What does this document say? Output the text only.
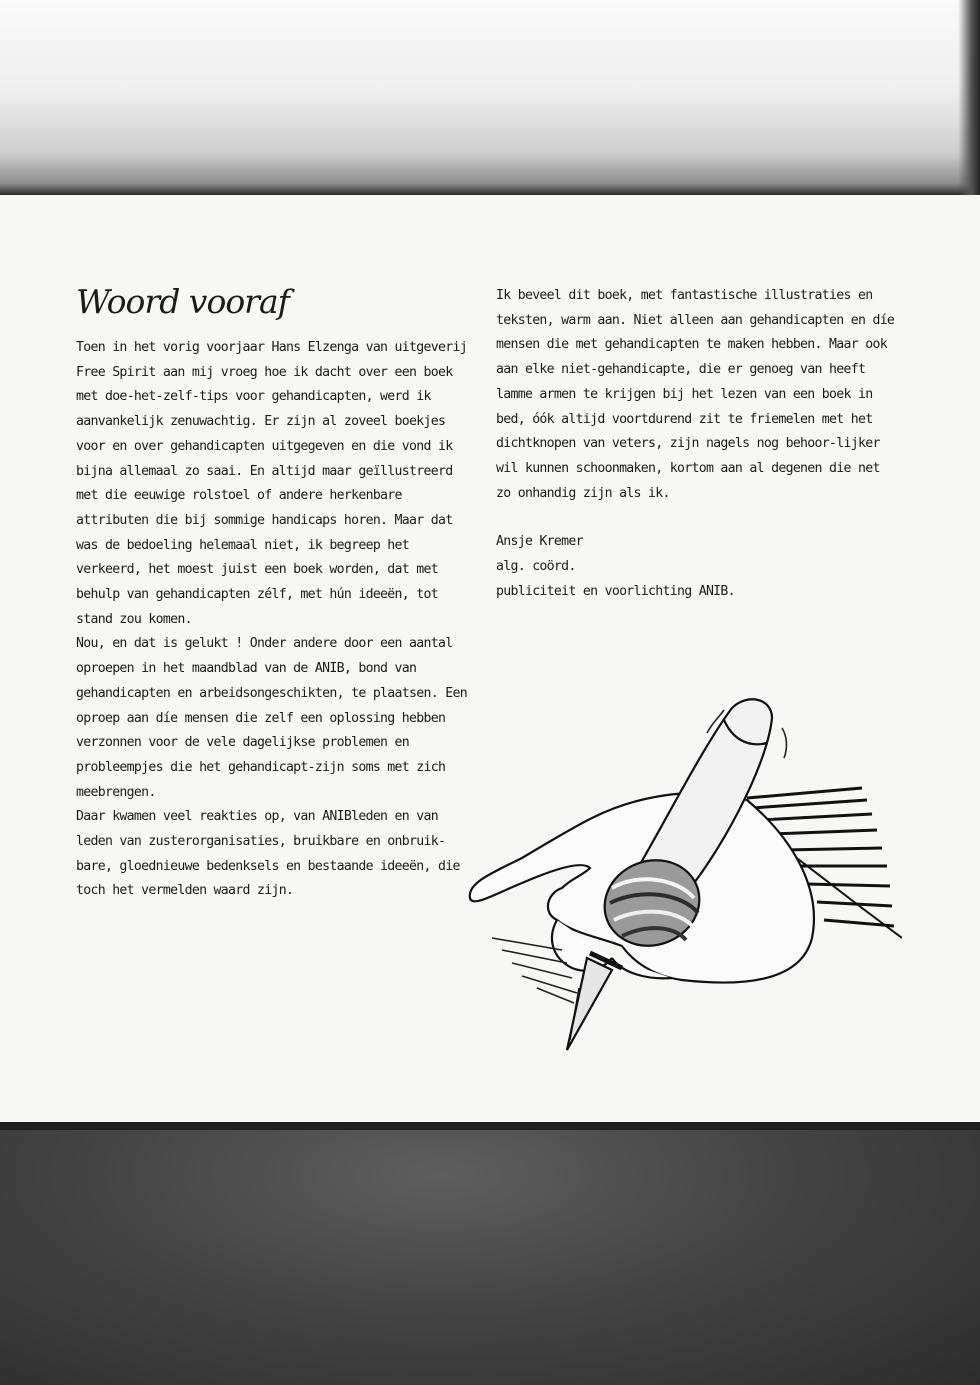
Woord vooraf

Toen in het vorig voorjaar Hans Elzenga van uitgeverij Free Spirit aan mij vroeg hoe ik dacht over een boek met doe-het-zelf-tips voor gehandicapten, werd ik aanvankelijk zenuwachtig. Er zijn al zoveel boekjes voor en over gehandicapten uitgegeven en die vond ik bijna allemaal zo saai. En altijd maar geïllustreerd met die eeuwige rolstoel of andere herkenbare attributen die bij sommige handicaps horen. Maar dat was de bedoeling helemaal niet, ik begreep het verkeerd, het moest juist een boek worden, dat met behulp van gehandicapten zélf, met hún ideeën, tot stand zou komen.

Nou, en dat is gelukt ! Onder andere door een aantal oproepen in het maandblad van de ANIB, bond van gehandicapten en arbeidsongeschikten, te plaatsen. Een oproep aan díe mensen die zelf een oplossing hebben verzonnen voor de vele dagelijkse problemen en probleempjes die het gehandicapt-zijn soms met zich meebrengen.

Daar kwamen veel reakties op, van ANIBleden en van leden van zusterorganisaties, bruikbare en onbruik-bare, gloednieuwe bedenksels en bestaande ideeën, die toch het vermelden waard zijn.

Ik beveel dit boek, met fantastische illustraties en teksten, warm aan. Niet alleen aan gehandicapten en díe mensen die met gehandicapten te maken hebben. Maar ook aan elke niet-gehandicapte, die er genoeg van heeft lamme armen te krijgen bij het lezen van een boek in bed, óók altijd voortdurend zit te friemelen met het dichtknopen van veters, zijn nagels nog behoor-lijker wil kunnen schoonmaken, kortom aan al degenen die net zo onhandig zijn als ik.

Ansje Kremer
alg. coörd.
publiciteit en voorlichting ANIB.
